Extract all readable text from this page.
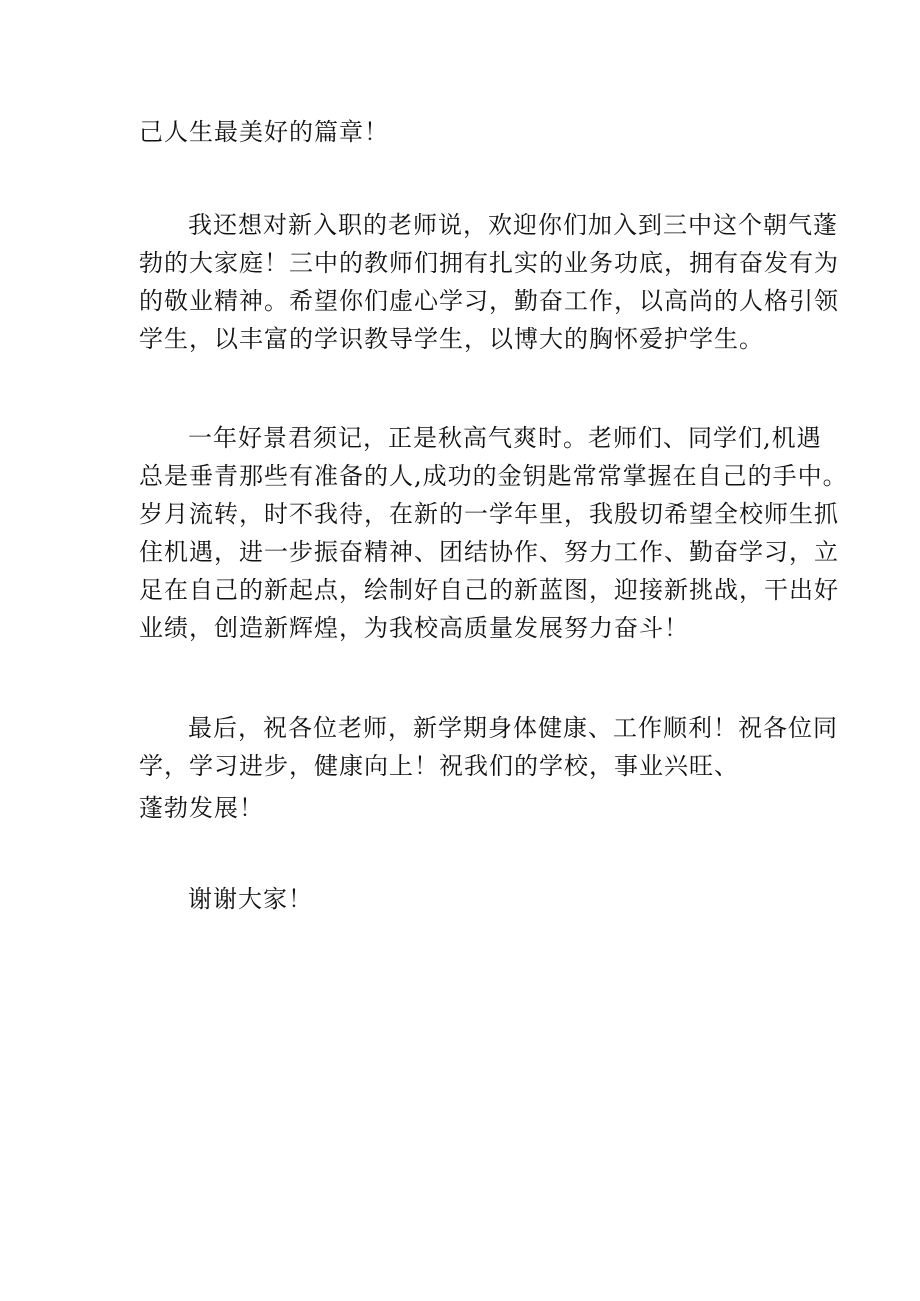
己人生最美好的篇章！
我还想对新入职的老师说，欢迎你们加入到三中这个朝气蓬
勃的大家庭！三中的教师们拥有扎实的业务功底，拥有奋发有为
的敬业精神。希望你们虚心学习，勤奋工作，以高尚的人格引领
学生，以丰富的学识教导学生，以博大的胸怀爱护学生。
一年好景君须记，正是秋高气爽时。老师们、同学们,机遇
总是垂青那些有准备的人,成功的金钥匙常常掌握在自己的手中。
岁月流转，时不我待，在新的一学年里，我殷切希望全校师生抓
住机遇，进一步振奋精神、团结协作、努力工作、勤奋学习，立
足在自己的新起点，绘制好自己的新蓝图，迎接新挑战，干出好
业绩，创造新辉煌，为我校高质量发展努力奋斗！
最后，祝各位老师，新学期身体健康、工作顺利！祝各位同
学，学习进步，健康向上！祝我们的学校，事业兴旺、
蓬勃发展！
谢谢大家！
